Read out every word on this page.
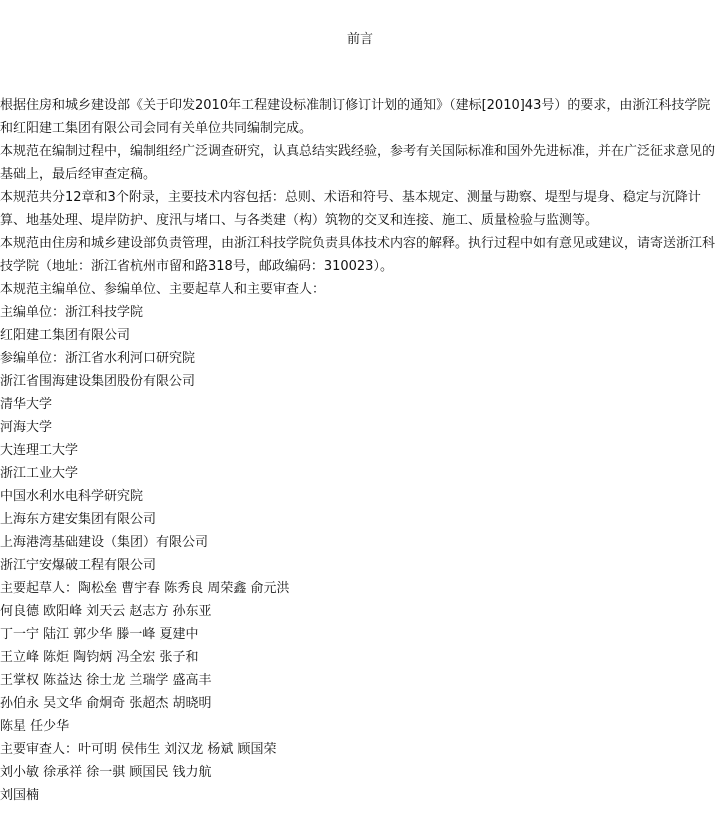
前言

根据住房和城乡建设部《关于印发2010年工程建设标准制订修订计划的通知》（建标[2010]43号）的要求，由浙江科技学院和红阳建工集团有限公司会同有关单位共同编制完成。

本规范在编制过程中，编制组经广泛调查研究，认真总结实践经验，参考有关国际标准和国外先进标准，并在广泛征求意见的基础上，最后经审查定稿。

本规范共分12章和3个附录，主要技术内容包括：总则、术语和符号、基本规定、测量与勘察、堤型与堤身、稳定与沉降计算、地基处理、堤岸防护、度汛与堵口、与各类建（构）筑物的交叉和连接、施工、质量检验与监测等。

本规范由住房和城乡建设部负责管理，由浙江科技学院负责具体技术内容的解释。执行过程中如有意见或建议，请寄送浙江科技学院（地址：浙江省杭州市留和路318号，邮政编码：310023）。

本规范主编单位、参编单位、主要起草人和主要审查人：

主编单位：浙江科技学院

红阳建工集团有限公司

参编单位：浙江省水利河口研究院

浙江省围海建设集团股份有限公司

清华大学

河海大学

大连理工大学

浙江工业大学

中国水利水电科学研究院

上海东方建安集团有限公司

上海港湾基础建设（集团）有限公司

浙江宁安爆破工程有限公司

主要起草人：陶松垒 曹宇春 陈秀良 周荣鑫 俞元洪

何良德 欧阳峰 刘天云 赵志方 孙东亚

丁一宁 陆江 郭少华 滕一峰 夏建中

王立峰 陈炬 陶钧炳 冯全宏 张子和

王掌权 陈益达 徐士龙 兰瑞学 盛高丰

孙伯永 吴文华 俞炯奇 张超杰 胡晓明

陈星 任少华

主要审查人：叶可明 侯伟生 刘汉龙 杨斌 顾国荣

刘小敏 徐承祥 徐一骐 顾国民 钱力航

刘国楠
